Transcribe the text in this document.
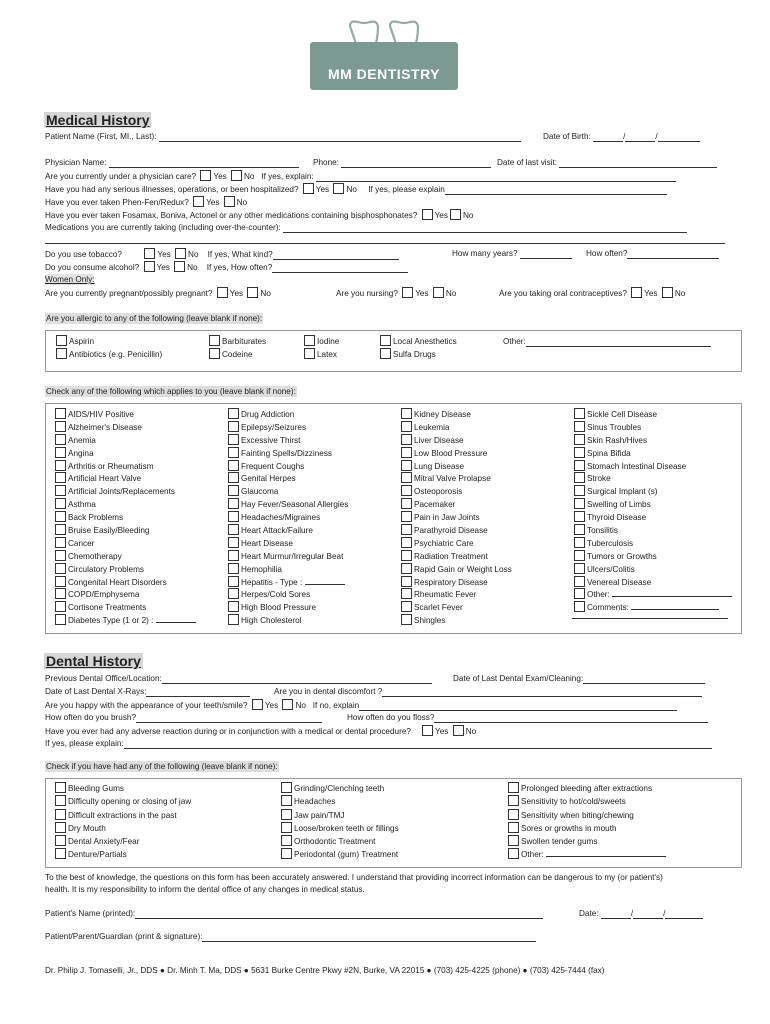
MM DENTISTRY
Medical History
Patient Name (First, MI., Last):	Date of Birth:	/	/
Physician Name:	Phone:	Date of last visit:
Are you currently under a physician care? Yes No If yes, explain:
Have you had any serious illnesses, operations, or been hospitalized? Yes No If yes, please explain
Have you ever taken Phen-Fen/Redux? Yes No
Have you ever taken Fosamax, Boniva, Actonel or any other medications containing bisphosphonates? Yes No
Medications you are currently taking (including over-the-counter):
Do you use tobacco?	Yes No If yes, What kind?	How many years?	How often?
Do you consume alcohol? Yes No If yes, How often?
Women Only:
Are you currently pregnant/possibly pregnant? Yes No	Are you nursing? Yes No	Are you taking oral contraceptives? Yes No
Are you allergic to any of the following (leave blank if none):
Aspirin
Antibiotics (e.g. Penicillin)
Barbiturates
Codeine
Iodine
Latex
Local Anesthetics
Sulfa Drugs
Other:
Check any of the following which applies to you (leave blank if none):
AIDS/HIV Positive
Alzheimer's Disease
Anemia
Angina
Arthritis or Rheumatism
Artificial Heart Valve
Artificial Joints/Replacements
Asthma
Back Problems
Bruise Easily/Bleeding
Cancer
Chemotherapy
Circulatory Problems
Congenital Heart Disorders
COPD/Emphysema
Cortisone Treatments
Diabetes Type (1 or 2) :
Drug Addiction
Epilepsy/Seizures
Excessive Thirst
Fainting Spells/Dizziness
Frequent Coughs
Genital Herpes
Glaucoma
Hay Fever/Seasonal Allergies
Headaches/Migraines
Heart Attack/Failure
Heart Disease
Heart Murmur/Irregular Beat
Hemophilia
Hepatitis - Type :
Herpes/Cold Sores
High Blood Pressure
High Cholesterol
Kidney Disease
Leukemia
Liver Disease
Low Blood Pressure
Lung Disease
Mitral Valve Prolapse
Osteoporosis
Pacemaker
Pain in Jaw Joints
Parathyroid Disease
Psychiatric Care
Radiation Treatment
Rapid Gain or Weight Loss
Respiratory Disease
Rheumatic Fever
Scarlet Fever
Shingles
Sickle Cell Disease
Sinus Troubles
Skin Rash/Hives
Spina Bifida
Stomach Intestinal Disease
Stroke
Surgical Implant (s)
Swelling of Limbs
Thyroid Disease
Tonsilitis
Tuberculosis
Tumors or Growths
Ulcers/Colitis
Venereal Disease
Other:
Comments:
Dental History
Previous Dental Office/Location:	Date of Last Dental Exam/Cleaning:
Date of Last Dental X-Rays:	Are you in dental discomfort ?
Are you happy with the appearance of your teeth/smile? Yes No If no, explain
How often do you brush?	How often do you floss?
Have you ever had any adverse reaction during or in conjunction with a medical or dental procedure?	Yes No
If yes, please explain:
Check if you have had any of the following (leave blank if none):
Bleeding Gums
Difficulty opening or closing of jaw
Difficult extractions in the past
Dry Mouth
Dental Anxiety/Fear
Denture/Partials
Grinding/Clenching teeth
Headaches
Jaw pain/TMJ
Loose/broken teeth or fillings
Orthodontic Treatment
Periodontal (gum) Treatment
Prolonged bleeding after extractions
Sensitivity to hot/cold/sweets
Sensitivity when biting/chewing
Sores or growths in mouth
Swollen tender gums
Other:
To the best of knowledge, the questions on this form has been accurately answered. I understand that providing incorrect information can be dangerous to my (or patient's)
health. It is my responsibility to inform the dental office of any changes in medical status.
Patient's Name (printed):	Date:	/	/
Patient/Parent/Guardian (print & signature):
Dr. Philip J. Tomaselli, Jr., DDS ● Dr. Minh T. Ma, DDS ● 5631 Burke Centre Pkwy #2N, Burke, VA 22015 ● (703) 425-4225 (phone) ● (703) 425-7444 (fax)
